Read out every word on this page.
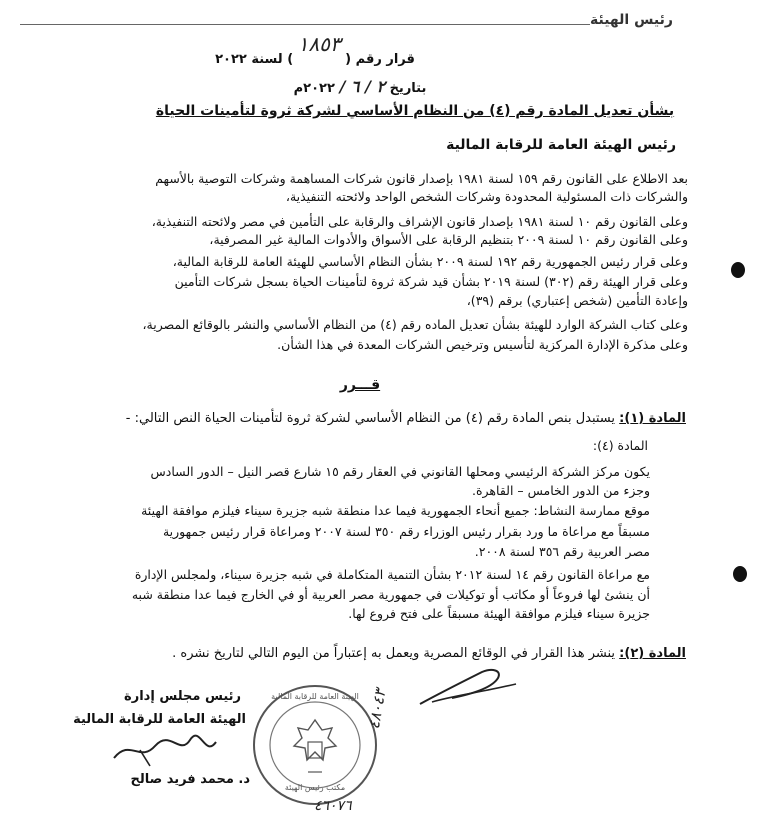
رئيس الهيئة
قرار رقم ( ١٨٥٣ ) لسنة ٢٠٢٢
بتاريخ ٢ / ٦ / ٢٠٢٢م
بشأن تعديل المادة رقم (٤) من النظام الأساسي لشركة ثروة لتأمينات الحياة
رئيس الهيئة العامة للرقابة المالية
بعد الاطلاع على القانون رقم ١٥٩ لسنة ١٩٨١ بإصدار قانون شركات المساهمة وشركات التوصية بالأسهم
والشركات ذات المسئولية المحدودة وشركات الشخص الواحد ولائحته التنفيذية،
وعلى القانون رقم ١٠ لسنة ١٩٨١ بإصدار قانون الإشراف والرقابة على التأمين في مصر ولائحته التنفيذية،
وعلى القانون رقم ١٠ لسنة ٢٠٠٩ بتنظيم الرقابة على الأسواق والأدوات المالية غير المصرفية،
وعلى قرار رئيس الجمهورية رقم ١٩٢ لسنة ٢٠٠٩ بشأن النظام الأساسي للهيئة العامة للرقابة المالية،
وعلى قرار الهيئة رقم (٣٠٢) لسنة ٢٠١٩ بشأن قيد شركة ثروة لتأمينات الحياة بسجل شركات التأمين
وإعادة التأمين (شخص إعتباري) برقم (٣٩)،
وعلى كتاب الشركة الوارد للهيئة بشأن تعديل الماده رقم (٤) من النظام الأساسي والنشر بالوقائع المصرية،
وعلى مذكرة الإدارة المركزية لتأسيس وترخيص الشركات المعدة في هذا الشأن.
قـــرر
المادة (١): يستبدل بنص المادة رقم (٤) من النظام الأساسي لشركة ثروة لتأمينات الحياة النص التالي: -
المادة (٤):
يكون مركز الشركة الرئيسي ومحلها القانوني في العقار رقم ١٥ شارع قصر النيل – الدور السادس
وجزء من الدور الخامس – القاهرة.
موقع ممارسة النشاط: جميع أنحاء الجمهورية فيما عدا منطقة شبه جزيرة سيناء فيلزم موافقة الهيئة
مسبقاً مع مراعاة ما ورد بقرار رئيس الوزراء رقم ٣٥٠ لسنة ٢٠٠٧ ومراعاة قرار رئيس جمهورية
مصر العربية رقم ٣٥٦ لسنة ٢٠٠٨.
مع مراعاة القانون رقم ١٤ لسنة ٢٠١٢ بشأن التنمية المتكاملة في شبه جزيرة سيناء، ولمجلس الإدارة
أن ينشئ لها فروعاً أو مكاتب أو توكيلات في جمهورية مصر العربية أو في الخارج فيما عدا منطقة شبه
جزيرة سيناء فيلزم موافقة الهيئة مسبقاً على فتح فروع لها.
المادة (٢): ينشر هذا القرار في الوقائع المصرية ويعمل به إعتباراً من اليوم التالي لتاريخ نشره .
رئيس مجلس إدارة
الهيئة العامة للرقابة المالية
د. محمد فريد صالح
الهيئة العامة للرقابة المالية
مكتب رئيس الهيئة
٤٨٠٤٣
٤٦٠٧٦
